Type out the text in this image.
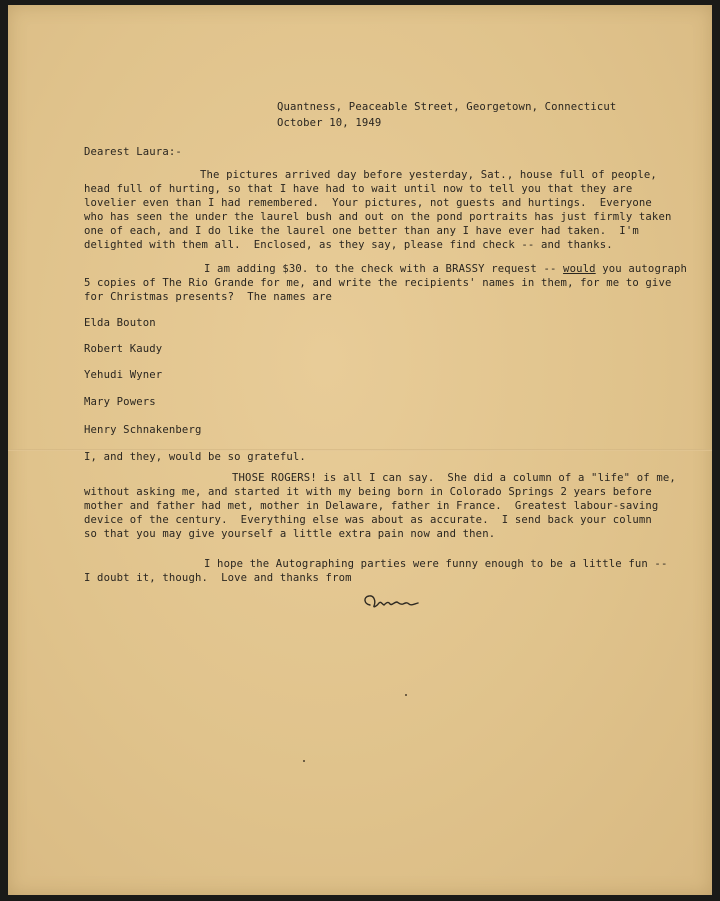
Quantness, Peaceable Street, Georgetown, Connecticut
October 10, 1949
Dearest Laura:-
The pictures arrived day before yesterday, Sat., house full of people,
head full of hurting, so that I have had to wait until now to tell you that they are
lovelier even than I had remembered.  Your pictures, not guests and hurtings.  Everyone
who has seen the under the laurel bush and out on the pond portraits has just firmly taken
one of each, and I do like the laurel one better than any I have ever had taken.  I'm
delighted with them all.  Enclosed, as they say, please find check -- and thanks.
I am adding $30. to the check with a BRASSY request -- would you autograph
5 copies of The Rio Grande for me, and write the recipients' names in them, for me to give
for Christmas presents?  The names are
Elda Bouton
Robert Kaudy
Yehudi Wyner
Mary Powers
Henry Schnakenberg
I, and they, would be so grateful.
THOSE ROGERS! is all I can say.  She did a column of a "life" of me,
without asking me, and started it with my being born in Colorado Springs 2 years before
mother and father had met, mother in Delaware, father in France.  Greatest labour-saving
device of the century.  Everything else was about as accurate.  I send back your column
so that you may give yourself a little extra pain now and then.
I hope the Autographing parties were funny enough to be a little fun --
I doubt it, though.  Love and thanks from
